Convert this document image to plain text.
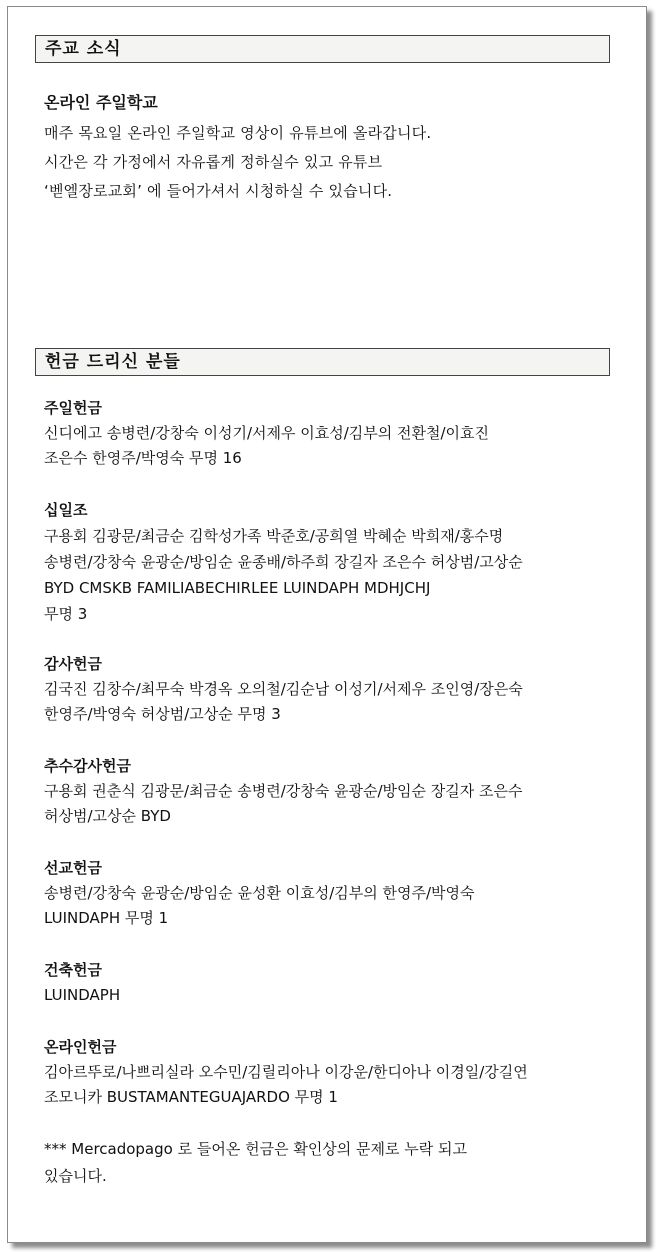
주교 소식
온라인 주일학교
매주 목요일 온라인 주일학교 영상이 유튜브에 올라갑니다.
시간은 각 가정에서 자유롭게 정하실수 있고 유튜브
‘벧엘장로교회’ 에 들어가셔서 시청하실 수 있습니다.
헌금 드리신 분들
주일헌금
신디에고 송병련/강창숙 이성기/서제우 이효성/김부의 전환철/이효진
조은수 한영주/박영숙 무명 16
십일조
구용회 김광문/최금순 김학성가족 박준호/공희열 박혜순 박희재/홍수명
송병련/강창숙 윤광순/방임순 윤종배/하주희 장길자 조은수 허상범/고상순
BYD CMSKB FAMILIABECHIRLEE LUINDAPH MDHJCHJ
무명 3
감사헌금
김국진 김창수/최무숙 박경옥 오의철/김순남 이성기/서제우 조인영/장은숙
한영주/박영숙 허상범/고상순 무명 3
추수감사헌금
구용회 권춘식 김광문/최금순 송병련/강창숙 윤광순/방임순 장길자 조은수
허상범/고상순 BYD
선교헌금
송병련/강창숙 윤광순/방임순 윤성환 이효성/김부의 한영주/박영숙
LUINDAPH 무명 1
건축헌금
LUINDAPH
온라인헌금
김아르뚜로/나쁘리실라 오수민/김릴리아나 이강운/한디아나 이경일/강길연
조모니카 BUSTAMANTEGUAJARDO 무명 1
*** Mercadopago 로 들어온 헌금은 확인상의 문제로 누락 되고
있습니다.
